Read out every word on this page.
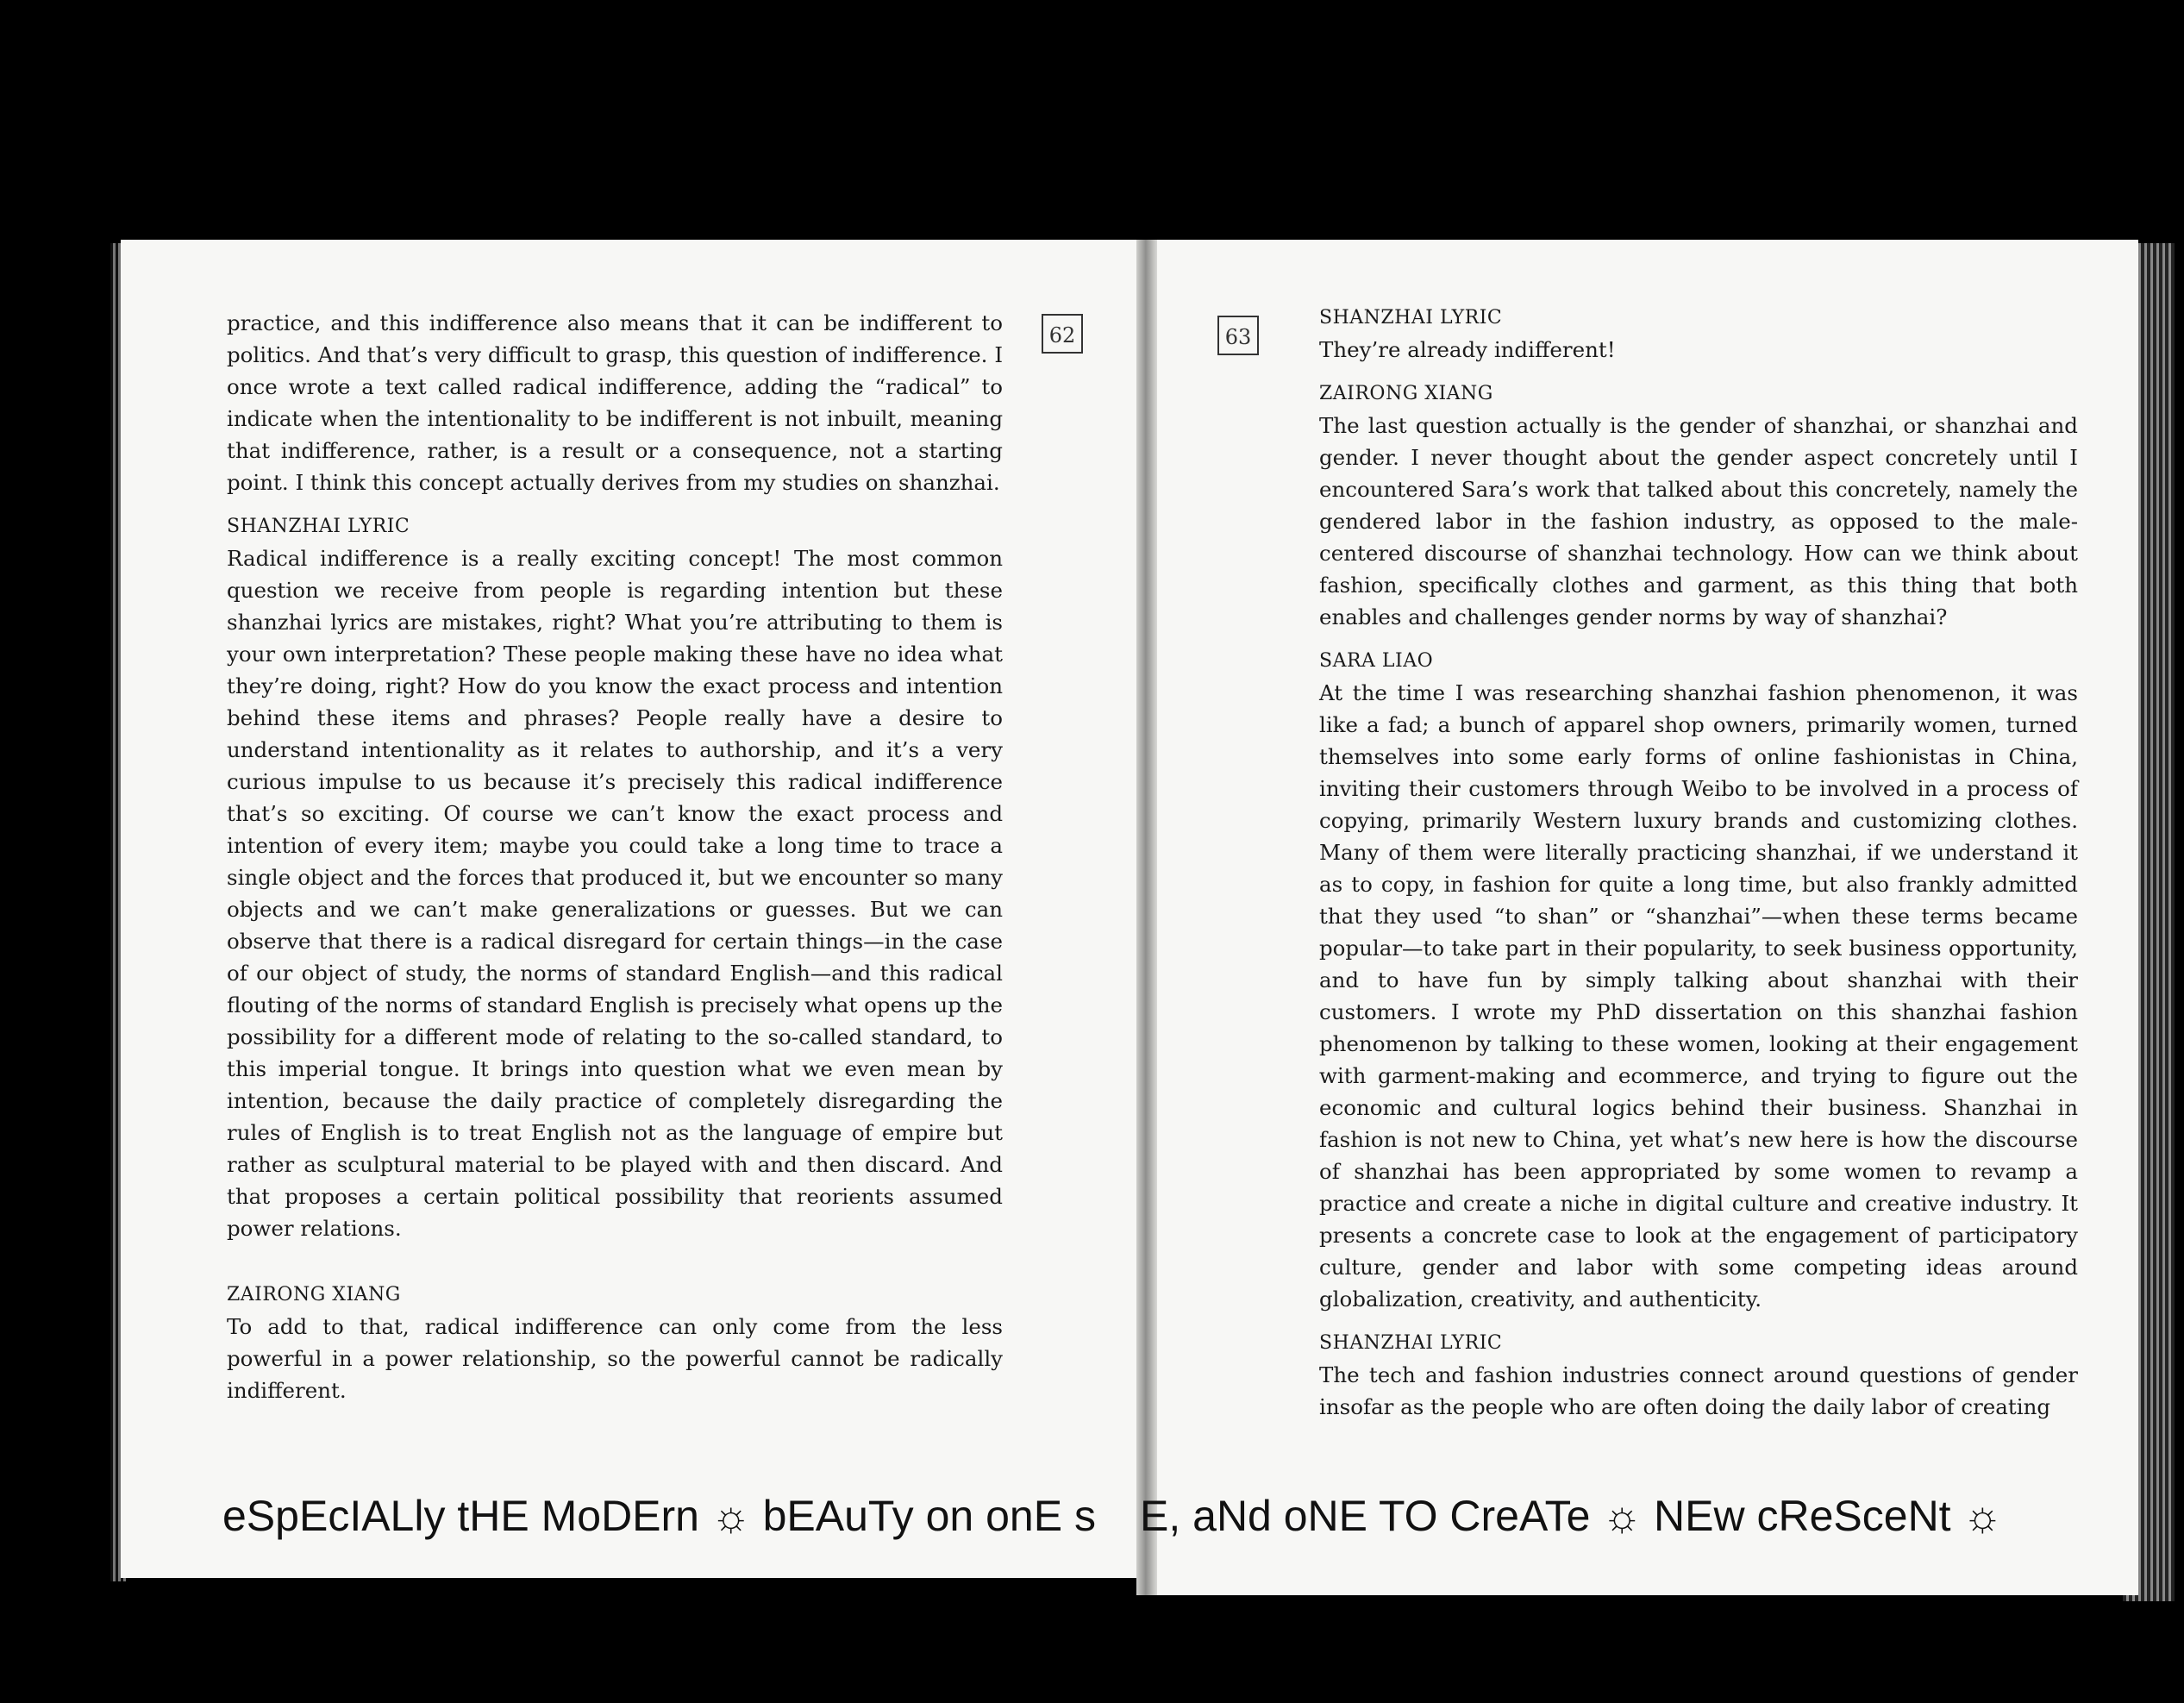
62

practice, and this indifference also means that it can be indifferent to politics. And that’s very difficult to grasp, this question of indifference. I once wrote a text called radical indifference, adding the “radical” to indicate when the intentionality to be indifferent is not inbuilt, meaning that indifference, rather, is a result or a consequence, not a starting point. I think this concept actually derives from my studies on shanzhai.

SHANZHAI LYRIC

Radical indifference is a really exciting concept! The most common question we receive from people is regarding intention but these shanzhai lyrics are mistakes, right? What you’re attributing to them is your own interpretation? These people making these have no idea what they’re doing, right? How do you know the exact process and intention behind these items and phrases? People really have a desire to understand intentionality as it relates to authorship, and it’s a very curious impulse to us because it’s precisely this radical indifference that’s so exciting. Of course we can’t know the exact process and intention of every item; maybe you could take a long time to trace a single object and the forces that produced it, but we encounter so many objects and we can’t make generalizations or guesses. But we can observe that there is a radical disregard for certain things—in the case of our object of study, the norms of standard English—and this radical flouting of the norms of standard English is precisely what opens up the possibility for a different mode of relating to the so-called standard, to this imperial tongue. It brings into question what we even mean by intention, because the daily practice of completely disregarding the rules of English is to treat English not as the language of empire but rather as sculptural material to be played with and then discard. And that proposes a certain political possibility that reorients assumed power relations.

ZAIRONG XIANG

To add to that, radical indifference can only come from the less powerful in a power relationship, so the powerful cannot be radically indifferent.

63
SHANZHAI LYRIC

They’re already indifferent!

ZAIRONG XIANG

The last question actually is the gender of shanzhai, or shanzhai and gender. I never thought about the gender aspect concretely until I encountered Sara’s work that talked about this concretely, namely the gendered labor in the fashion industry, as opposed to the male-centered discourse of shanzhai technology. How can we think about fashion, specifically clothes and garment, as this thing that both enables and challenges gender norms by way of shanzhai?

SARA LIAO

At the time I was researching shanzhai fashion phenomenon, it was like a fad; a bunch of apparel shop owners, primarily women, turned themselves into some early forms of online fashionistas in China, inviting their customers through Weibo to be involved in a process of copying, primarily Western luxury brands and customizing clothes. Many of them were literally practicing shanzhai, if we understand it as to copy, in fashion for quite a long time, but also frankly admitted that they used “to shan” or “shanzhai”—when these terms became popular—to take part in their popularity, to seek business opportunity, and to have fun by simply talking about shanzhai with their customers. I wrote my PhD dissertation on this shanzhai fashion phenomenon by talking to these women, looking at their engagement with garment-making and ecommerce, and trying to figure out the economic and cultural logics behind their business. Shanzhai in fashion is not new to China, yet what’s new here is how the discourse of shanzhai has been appropriated by some women to revamp a practice and create a niche in digital culture and creative industry. It presents a concrete case to look at the engagement of participatory culture, gender and labor with some competing ideas around globalization, creativity, and authenticity.

SHANZHAI LYRIC

The tech and fashion industries connect around questions of gender insofar as the people who are often doing the daily labor of creating

eSpEcIALly tHE MoDErn ☼ bEAuTy on onE s E, aNd oNE TO CreATe ☼ NEw cReSceNt ☼
